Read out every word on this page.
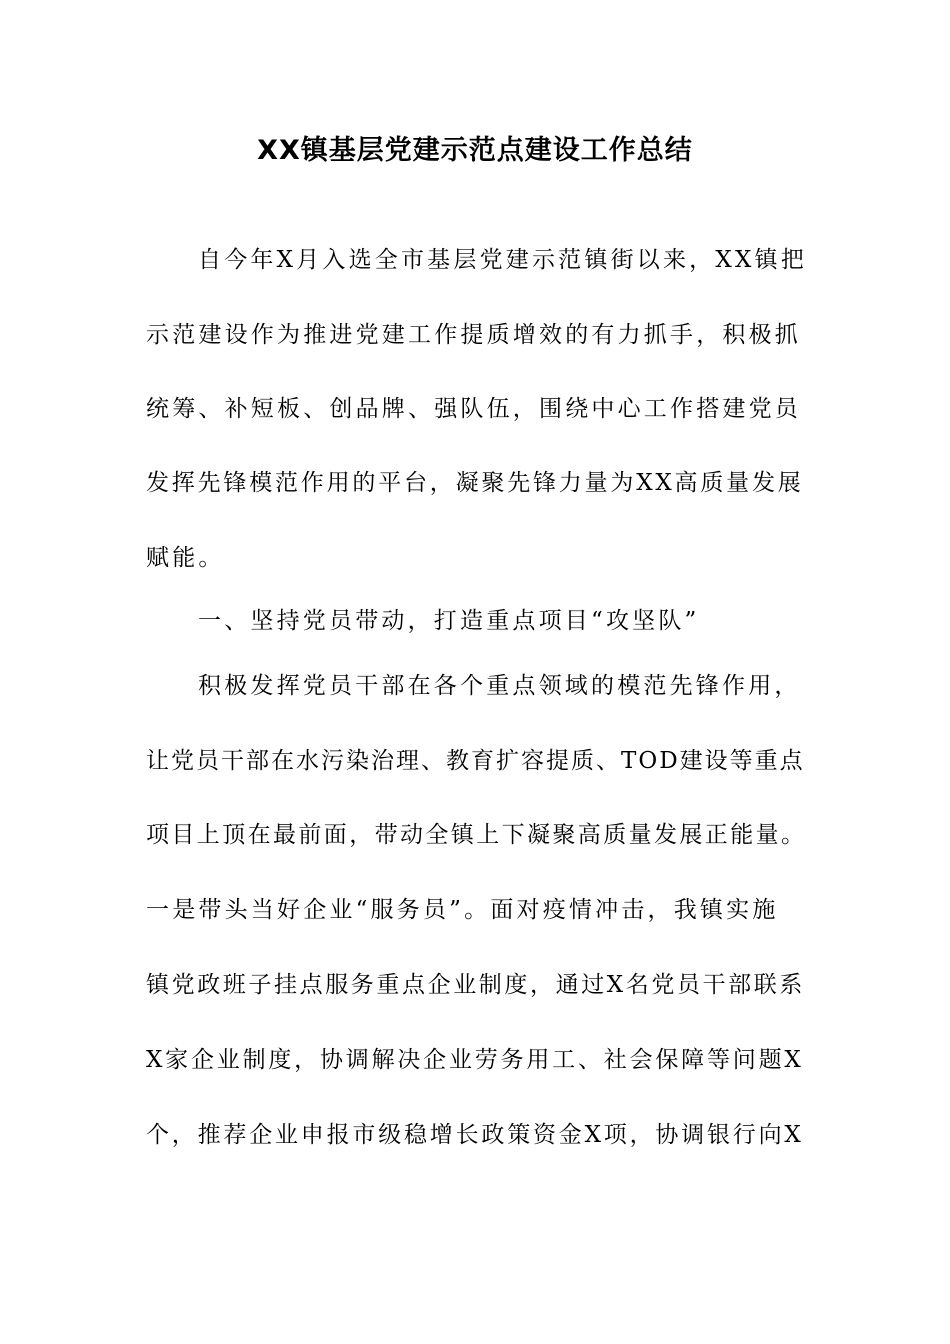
XX镇基层党建示范点建设工作总结

自今年X月入选全市基层党建示范镇街以来，XX镇把

示范建设作为推进党建工作提质增效的有力抓手，积极抓

统筹、补短板、创品牌、强队伍，围绕中心工作搭建党员

发挥先锋模范作用的平台，凝聚先锋力量为XX高质量发展

赋能。

一、坚持党员带动，打造重点项目“攻坚队”

积极发挥党员干部在各个重点领域的模范先锋作用，

让党员干部在水污染治理、教育扩容提质、TOD建设等重点

项目上顶在最前面，带动全镇上下凝聚高质量发展正能量。

一是带头当好企业“服务员”。面对疫情冲击，我镇实施

镇党政班子挂点服务重点企业制度，通过X名党员干部联系

X家企业制度，协调解决企业劳务用工、社会保障等问题X

个，推荐企业申报市级稳增长政策资金X项，协调银行向X
